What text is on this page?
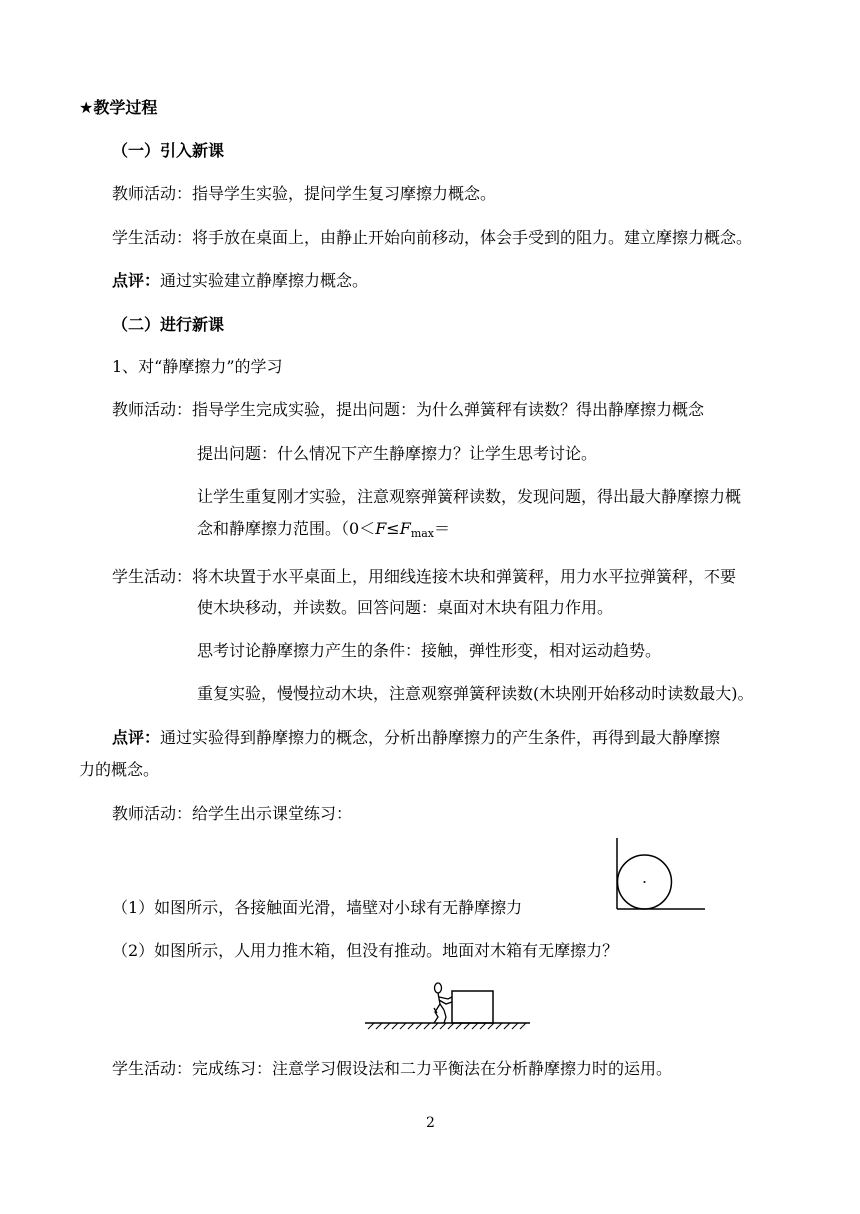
★教学过程
（一）引入新课
教师活动：指导学生实验，提问学生复习摩擦力概念。
学生活动：将手放在桌面上，由静止开始向前移动，体会手受到的阻力。建立摩擦力概念。
点评：通过实验建立静摩擦力概念。
（二）进行新课
1、对“静摩擦力”的学习
教师活动：指导学生完成实验，提出问题：为什么弹簧秤有读数？得出静摩擦力概念
提出问题：什么情况下产生静摩擦力？让学生思考讨论。
让学生重复刚才实验，注意观察弹簧秤读数，发现问题，得出最大静摩擦力概
念和静摩擦力范围。（$0<F\le F_{max}=$
学生活动：将木块置于水平桌面上，用细线连接木块和弹簧秤，用力水平拉弹簧秤，不要
使木块移动，并读数。回答问题：桌面对木块有阻力作用。
思考讨论静摩擦力产生的条件：接触，弹性形变，相对运动趋势。
重复实验，慢慢拉动木块，注意观察弹簧秤读数(木块刚开始移动时读数最大)。
点评：通过实验得到静摩擦力的概念，分析出静摩擦力的产生条件，再得到最大静摩擦
力的概念。
教师活动：给学生出示课堂练习：
（1）如图所示，各接触面光滑，墙壁对小球有无静摩擦力
（2）如图所示，人用力推木箱，但没有推动。地面对木箱有无摩擦力？
学生活动：完成练习：注意学习假设法和二力平衡法在分析静摩擦力时的运用。
2
